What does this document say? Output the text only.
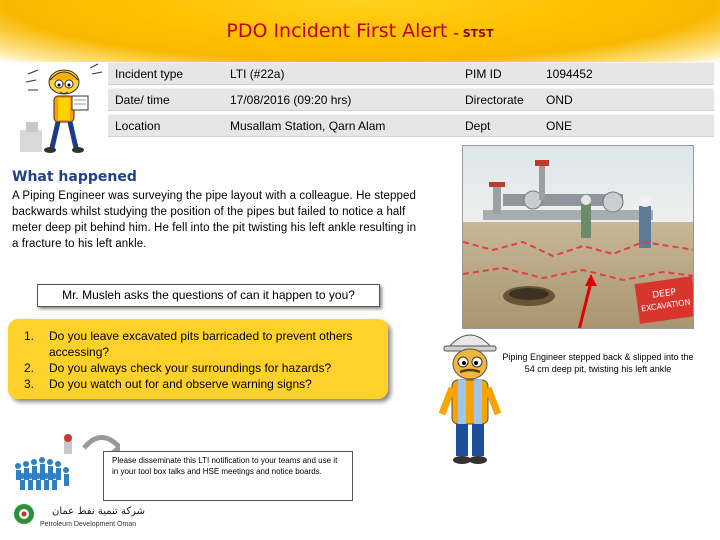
PDO Incident First Alert – STST
Incident type	LTI (#22a)	PIM ID	1094452
Date/ time	17/08/2016 (09:20 hrs)	Directorate	OND
Location	Musallam Station, Qarn Alam	Dept	ONE
What happened
A Piping Engineer was surveying the pipe layout with a colleague. He stepped backwards whilst studying the position of the pipes but failed to notice a half meter deep pit behind him. He fell into the pit twisting his left ankle resulting in a fracture to his left ankle.
DEEP
EXCAVATION
Mr. Musleh asks the questions of can it happen to you?
1. Do you leave excavated pits barricaded to prevent others accessing?
2. Do you always check your surroundings for hazards?
3. Do you watch out for and observe warning signs?
Piping Engineer stepped back & slipped into the 54 cm deep pit, twisting his left ankle
Please disseminate this LTI notification to your teams and use it in your tool box talks and HSE meetings and notice boards.
شركة تنمية نفط عمان
Petroleum Development Oman
